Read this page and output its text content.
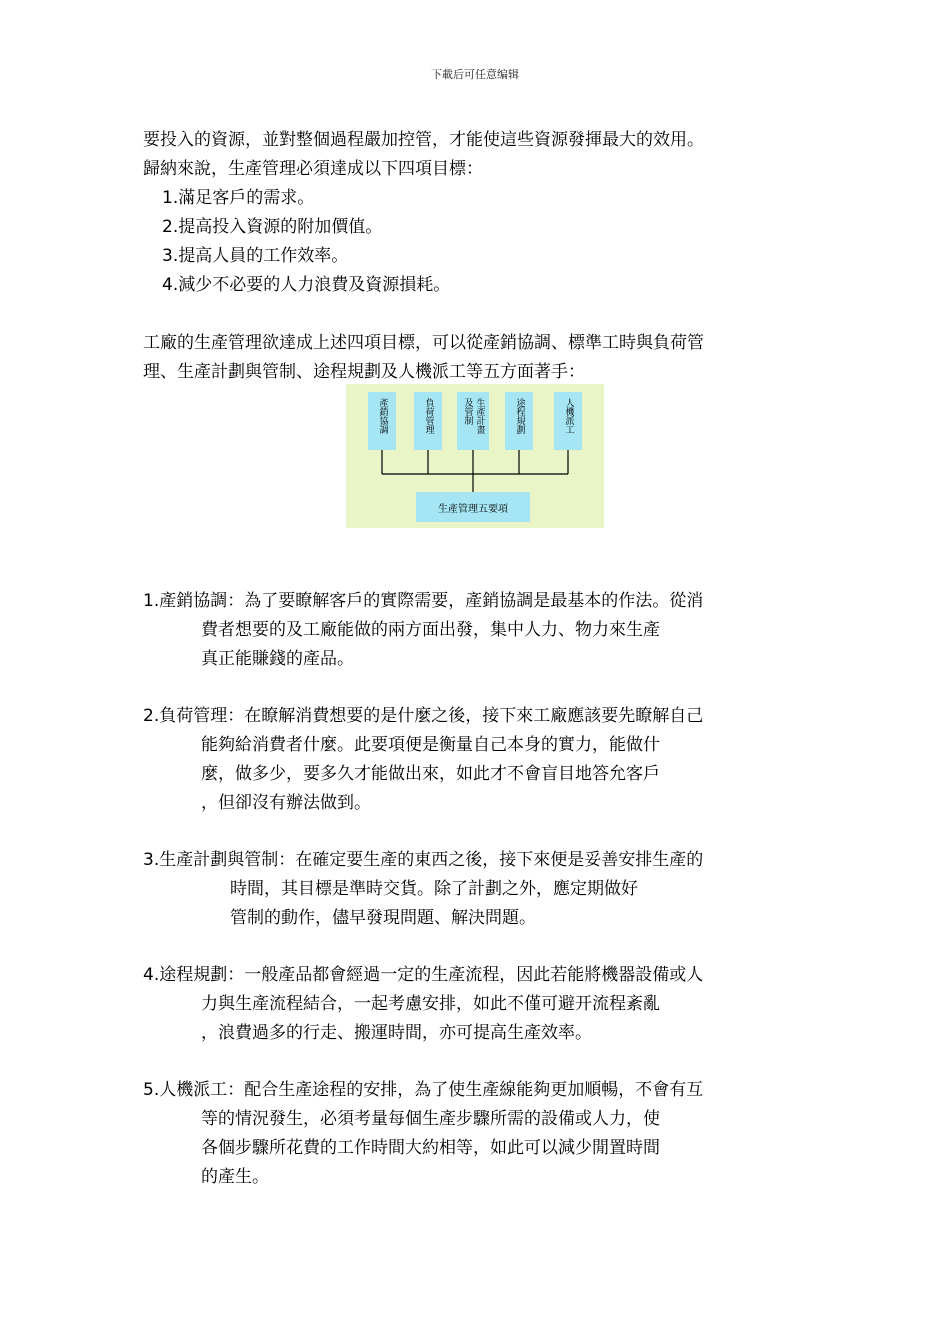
下載后可任意编辑
要投入的資源，並對整個過程嚴加控管，才能使這些資源發揮最大的效用。
歸納來說，生產管理必須達成以下四項目標：
1.滿足客戶的需求。
2.提高投入資源的附加價值。
3.提高人員的工作效率。
4.減少不必要的人力浪費及資源損耗。
工廠的生產管理欲達成上述四項目標，可以從產銷協調、標準工時與負荷管
理、生產計劃與管制、途程規劃及人機派工等五方面著手：
產銷協調	負荷管理	生產計畫
及管制	途程規劃	人機派工
生產管理五要項
1.產銷協調：為了要瞭解客戶的實際需要，產銷協調是最基本的作法。從消
費者想要的及工廠能做的兩方面出發，集中人力、物力來生產
真正能賺錢的產品。
2.負荷管理：在瞭解消費想要的是什麼之後，接下來工廠應該要先瞭解自己
能夠給消費者什麼。此要項便是衡量自己本身的實力，能做什
麼，做多少，要多久才能做出來，如此才不會盲目地答允客戶
，但卻沒有辦法做到。
3.生產計劃與管制：在確定要生產的東西之後，接下來便是妥善安排生產的
時間，其目標是準時交貨。除了計劃之外，應定期做好
管制的動作，儘早發現問題、解決問題。
4.途程規劃：一般產品都會經過一定的生產流程，因此若能將機器設備或人
力與生產流程結合，一起考慮安排，如此不僅可避开流程紊亂
，浪費過多的行走、搬運時間，亦可提高生產效率。
5.人機派工：配合生產途程的安排，為了使生產線能夠更加順暢，不會有互
等的情況發生，必須考量每個生產步驟所需的設備或人力，使
各個步驟所花費的工作時間大約相等，如此可以減少閒置時間
的產生。
